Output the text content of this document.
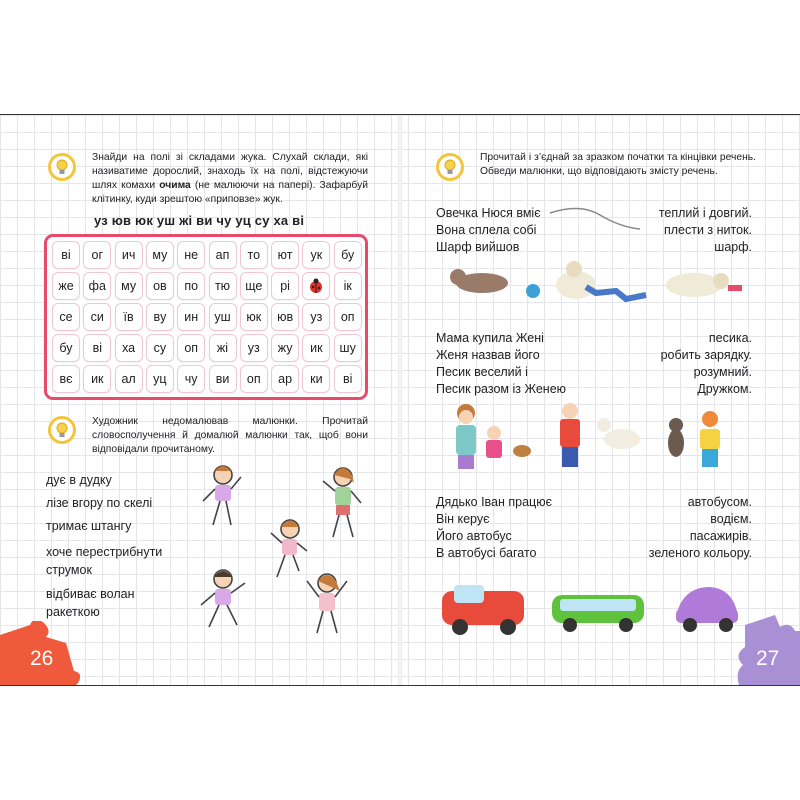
Знайди на полі зі складами жука. Слухай склади, які називатиме дорослий, знаходь їх на полі, відстежуючи шлях комахи очима (не малюючи на папері). Зафарбуй клітинку, куди зрештою «приповзе» жук.
уз юв юк уш жі ви чу уц су ха ві
ві	ог	ич	му	не	ап	то	ют	ук	бу
же	фа	му	ов	по	тю	ще	рі	ік
се	си	їв	вy	ин	уш	юк	юв	уз	оп
бу	ві	ха	су	оп	жі	уз	жу	ик	шу
вє	ик	ал	уц	чу	ви	оп	ар	ки	ві
Художник недомалював малюнки. Прочитай словосполучення й домалюй малюнки так, щоб вони відповідали прочитаному.
дує в дудку
лізе вгору по скелі
тримає штангу
хоче перестрибнути
струмок
відбиває волан
ракеткою
26
Прочитай і з’єднай за зразком початки та кінцівки речень. Обведи малюнки, що відповідають змісту речень.
Овечка Нюся вміє
Вона сплела собі
Шарф вийшов
теплий і довгий.
плести з ниток.
шарф.
Мама купила Жені
Женя назвав його
Песик веселий і
Песик разом із Женею
песика.
робить зарядку.
розумний.
Дружком.
Дядько Іван працює
Він керує
Його автобус
В автобусі багато
автобусом.
водієм.
пасажирів.
зеленого кольору.
27
